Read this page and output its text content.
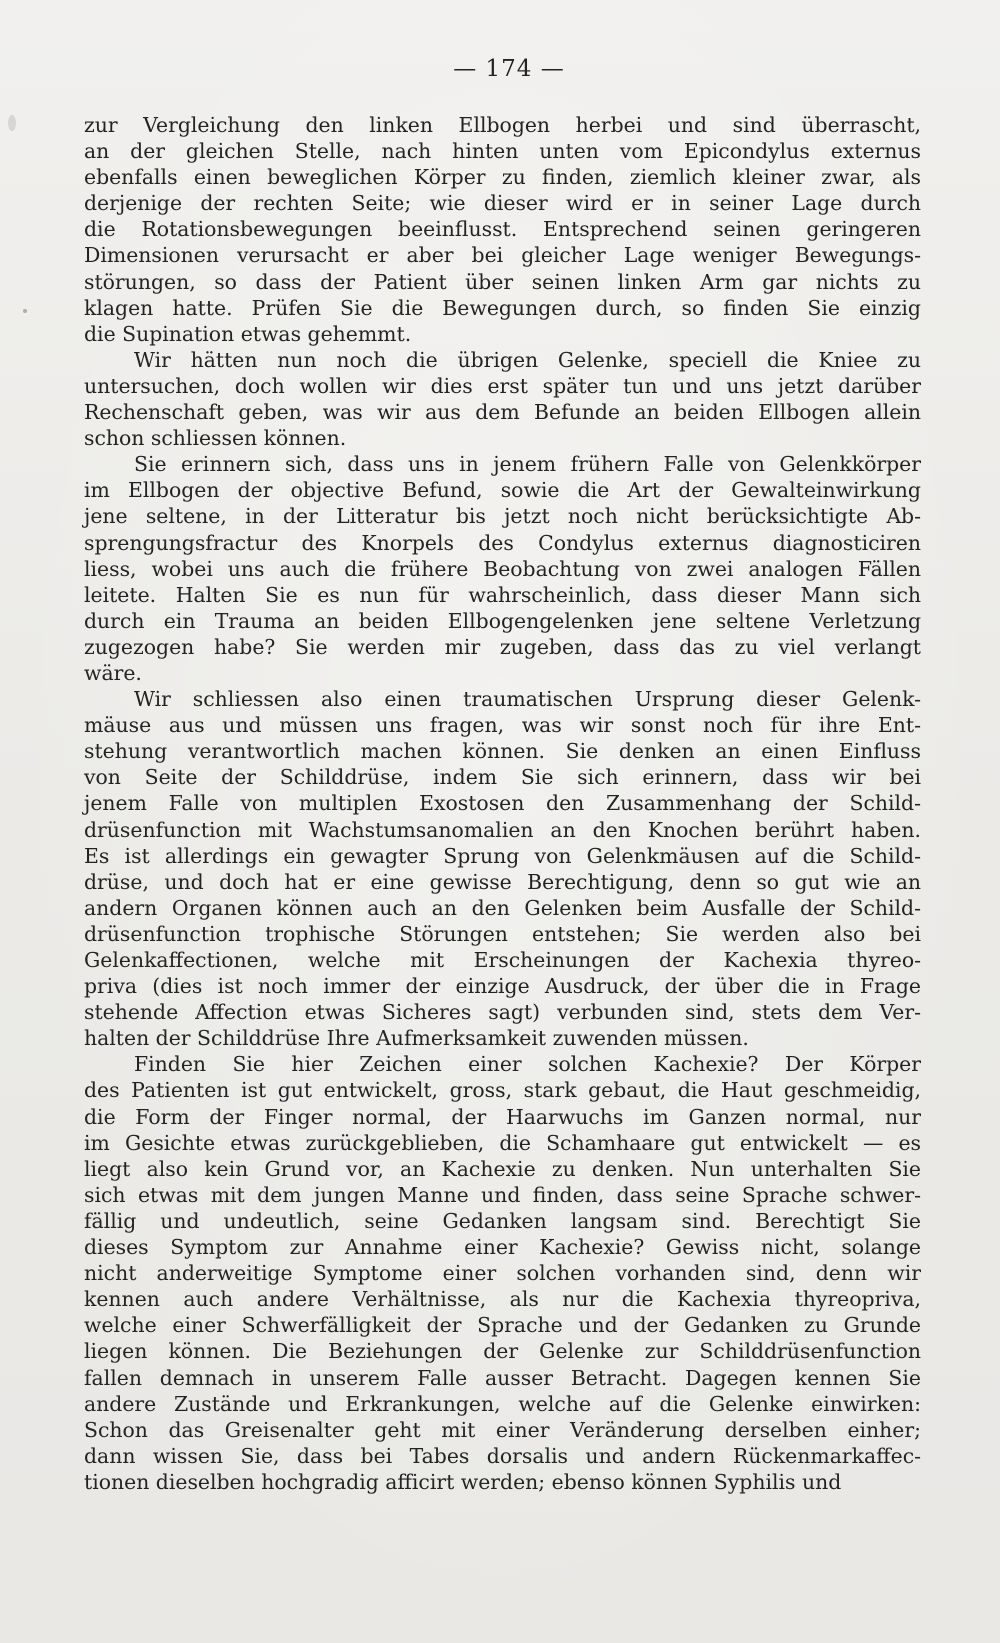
— 174 —
zur Vergleichung den linken Ellbogen herbei und sind überrascht,
an der gleichen Stelle, nach hinten unten vom Epicondylus externus
ebenfalls einen beweglichen Körper zu finden, ziemlich kleiner zwar, als
derjenige der rechten Seite; wie dieser wird er in seiner Lage durch
die Rotationsbewegungen beeinflusst. Entsprechend seinen geringeren
Dimensionen verursacht er aber bei gleicher Lage weniger Bewegungs-
störungen, so dass der Patient über seinen linken Arm gar nichts zu
klagen hatte. Prüfen Sie die Bewegungen durch, so finden Sie einzig
die Supination etwas gehemmt.
Wir hätten nun noch die übrigen Gelenke, speciell die Kniee zu
untersuchen, doch wollen wir dies erst später tun und uns jetzt darüber
Rechenschaft geben, was wir aus dem Befunde an beiden Ellbogen allein
schon schliessen können.
Sie erinnern sich, dass uns in jenem frühern Falle von Gelenkkörper
im Ellbogen der objective Befund, sowie die Art der Gewalteinwirkung
jene seltene, in der Litteratur bis jetzt noch nicht berücksichtigte Ab-
sprengungsfractur des Knorpels des Condylus externus diagnosticiren
liess, wobei uns auch die frühere Beobachtung von zwei analogen Fällen
leitete. Halten Sie es nun für wahrscheinlich, dass dieser Mann sich
durch ein Trauma an beiden Ellbogengelenken jene seltene Verletzung
zugezogen habe? Sie werden mir zugeben, dass das zu viel verlangt
wäre.
Wir schliessen also einen traumatischen Ursprung dieser Gelenk-
mäuse aus und müssen uns fragen, was wir sonst noch für ihre Ent-
stehung verantwortlich machen können. Sie denken an einen Einfluss
von Seite der Schilddrüse, indem Sie sich erinnern, dass wir bei
jenem Falle von multiplen Exostosen den Zusammenhang der Schild-
drüsenfunction mit Wachstumsanomalien an den Knochen berührt haben.
Es ist allerdings ein gewagter Sprung von Gelenkmäusen auf die Schild-
drüse, und doch hat er eine gewisse Berechtigung, denn so gut wie an
andern Organen können auch an den Gelenken beim Ausfalle der Schild-
drüsenfunction trophische Störungen entstehen; Sie werden also bei
Gelenkaffectionen, welche mit Erscheinungen der Kachexia thyreo-
priva (dies ist noch immer der einzige Ausdruck, der über die in Frage
stehende Affection etwas Sicheres sagt) verbunden sind, stets dem Ver-
halten der Schilddrüse Ihre Aufmerksamkeit zuwenden müssen.
Finden Sie hier Zeichen einer solchen Kachexie? Der Körper
des Patienten ist gut entwickelt, gross, stark gebaut, die Haut geschmeidig,
die Form der Finger normal, der Haarwuchs im Ganzen normal, nur
im Gesichte etwas zurückgeblieben, die Schamhaare gut entwickelt — es
liegt also kein Grund vor, an Kachexie zu denken. Nun unterhalten Sie
sich etwas mit dem jungen Manne und finden, dass seine Sprache schwer-
fällig und undeutlich, seine Gedanken langsam sind. Berechtigt Sie
dieses Symptom zur Annahme einer Kachexie? Gewiss nicht, solange
nicht anderweitige Symptome einer solchen vorhanden sind, denn wir
kennen auch andere Verhältnisse, als nur die Kachexia thyreopriva,
welche einer Schwerfälligkeit der Sprache und der Gedanken zu Grunde
liegen können. Die Beziehungen der Gelenke zur Schilddrüsenfunction
fallen demnach in unserem Falle ausser Betracht. Dagegen kennen Sie
andere Zustände und Erkrankungen, welche auf die Gelenke einwirken:
Schon das Greisenalter geht mit einer Veränderung derselben einher;
dann wissen Sie, dass bei Tabes dorsalis und andern Rückenmarkaffec-
tionen dieselben hochgradig afficirt werden; ebenso können Syphilis und
